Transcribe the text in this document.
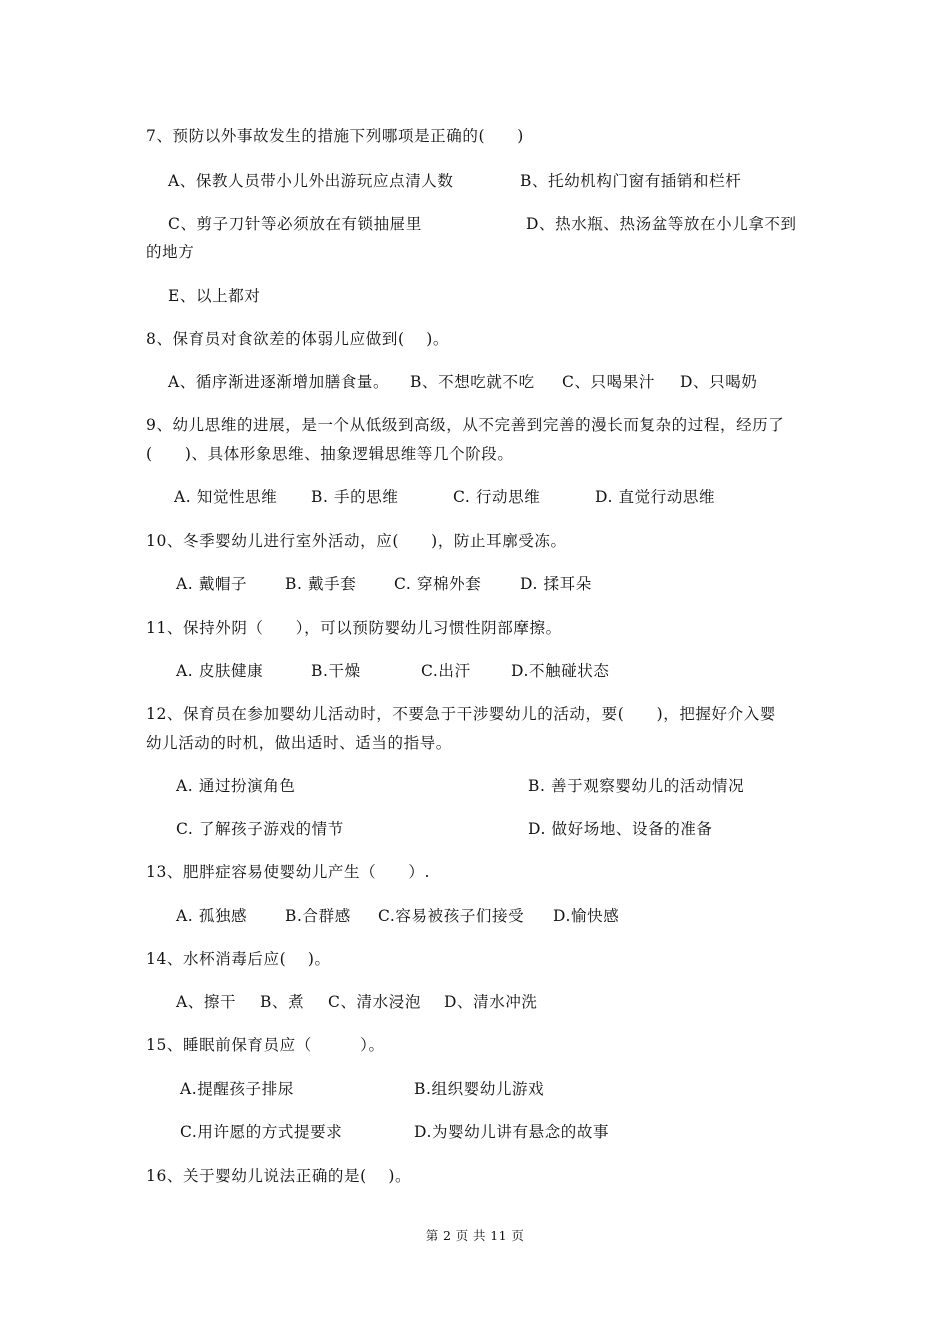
7、预防以外事故发生的措施下列哪项是正确的(　　)
A、保教人员带小儿外出游玩应点清人数	B、托幼机构门窗有插销和栏杆
C、剪子刀针等必须放在有锁抽屉里	D、热水瓶、热汤盆等放在小儿拿不到
的地方
E、以上都对
8、保育员对食欲差的体弱儿应做到(　 )。
A、循序渐进逐渐增加膳食量。 B、不想吃就不吃 C、只喝果汁 D、只喝奶
9、幼儿思维的进展，是一个从低级到高级，从不完善到完善的漫长而复杂的过程，经历了
(　　)、具体形象思维、抽象逻辑思维等几个阶段。
A. 知觉性思维 B. 手的思维	C. 行动思维	D. 直觉行动思维
10、冬季婴幼儿进行室外活动，应(　　)，防止耳廓受冻。
A. 戴帽子 B. 戴手套 C. 穿棉外套 D. 揉耳朵
11、保持外阴（　　），可以预防婴幼儿习惯性阴部摩擦。
A. 皮肤健康	B.干燥	C.出汗	D.不触碰状态
12、保育员在参加婴幼儿活动时，不要急于干涉婴幼儿的活动，要(　　)，把握好介入婴
幼儿活动的时机，做出适时、适当的指导。
A. 通过扮演角色	B. 善于观察婴幼儿的活动情况
C. 了解孩子游戏的情节	D. 做好场地、设备的准备
13、肥胖症容易使婴幼儿产生（　　）.
A. 孤独感 B.合群感 C.容易被孩子们接受 D.愉快感
14、水杯消毒后应(　 )。
A、擦干 B、煮 C、清水浸泡 D、清水冲洗
15、睡眠前保育员应（　　　）。
A.提醒孩子排尿	B.组织婴幼儿游戏
C.用许愿的方式提要求	D.为婴幼儿讲有悬念的故事
16、关于婴幼儿说法正确的是(　 )。
第 2 页 共 11 页
